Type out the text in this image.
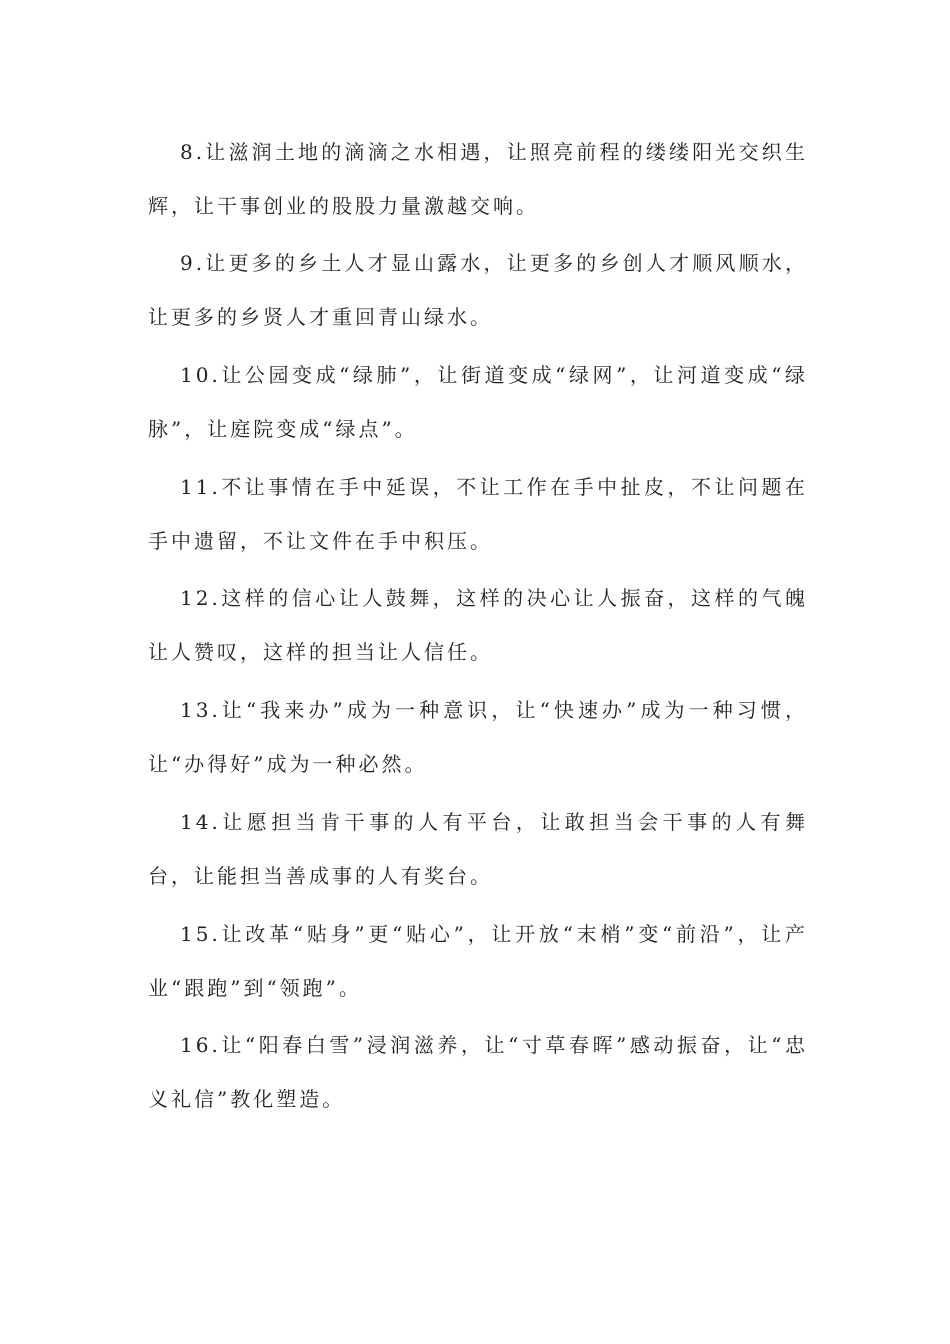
8.让滋润土地的滴滴之水相遇，让照亮前程的缕缕阳光交织生辉，让干事创业的股股力量激越交响。

9.让更多的乡土人才显山露水，让更多的乡创人才顺风顺水，让更多的乡贤人才重回青山绿水。

10.让公园变成“绿肺”，让街道变成“绿网”，让河道变成“绿脉”，让庭院变成“绿点”。

11.不让事情在手中延误，不让工作在手中扯皮，不让问题在手中遗留，不让文件在手中积压。

12.这样的信心让人鼓舞，这样的决心让人振奋，这样的气魄让人赞叹，这样的担当让人信任。

13.让“我来办”成为一种意识，让“快速办”成为一种习惯，让“办得好”成为一种必然。

14.让愿担当肯干事的人有平台，让敢担当会干事的人有舞台，让能担当善成事的人有奖台。

15.让改革“贴身”更“贴心”，让开放“末梢”变“前沿”，让产业“跟跑”到“领跑”。

16.让“阳春白雪”浸润滋养，让“寸草春晖”感动振奋，让“忠义礼信”教化塑造。
